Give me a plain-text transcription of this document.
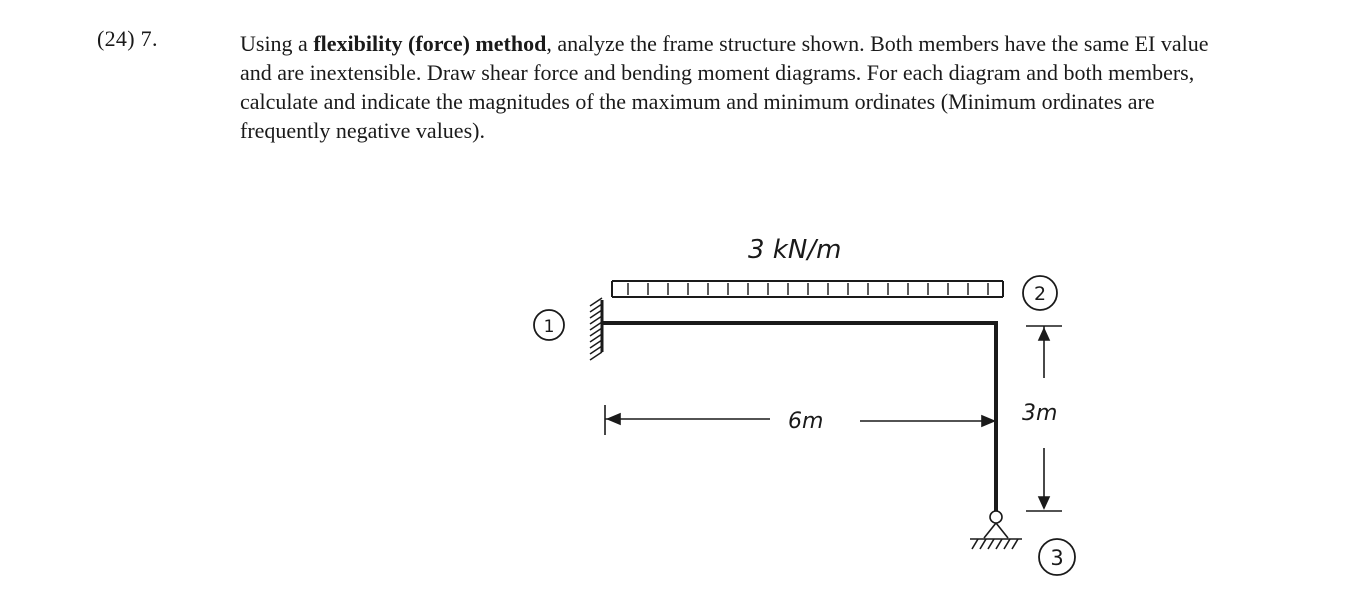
(24) 7.	Using a flexibility (force) method, analyze the frame structure shown. Both members have the same EI value and are inextensible. Draw shear force and bending moment diagrams. For each diagram and both members, calculate and indicate the magnitudes of the maximum and minimum ordinates (Minimum ordinates are frequently negative values).
1
3 kN/m
2
6m	3m
3
